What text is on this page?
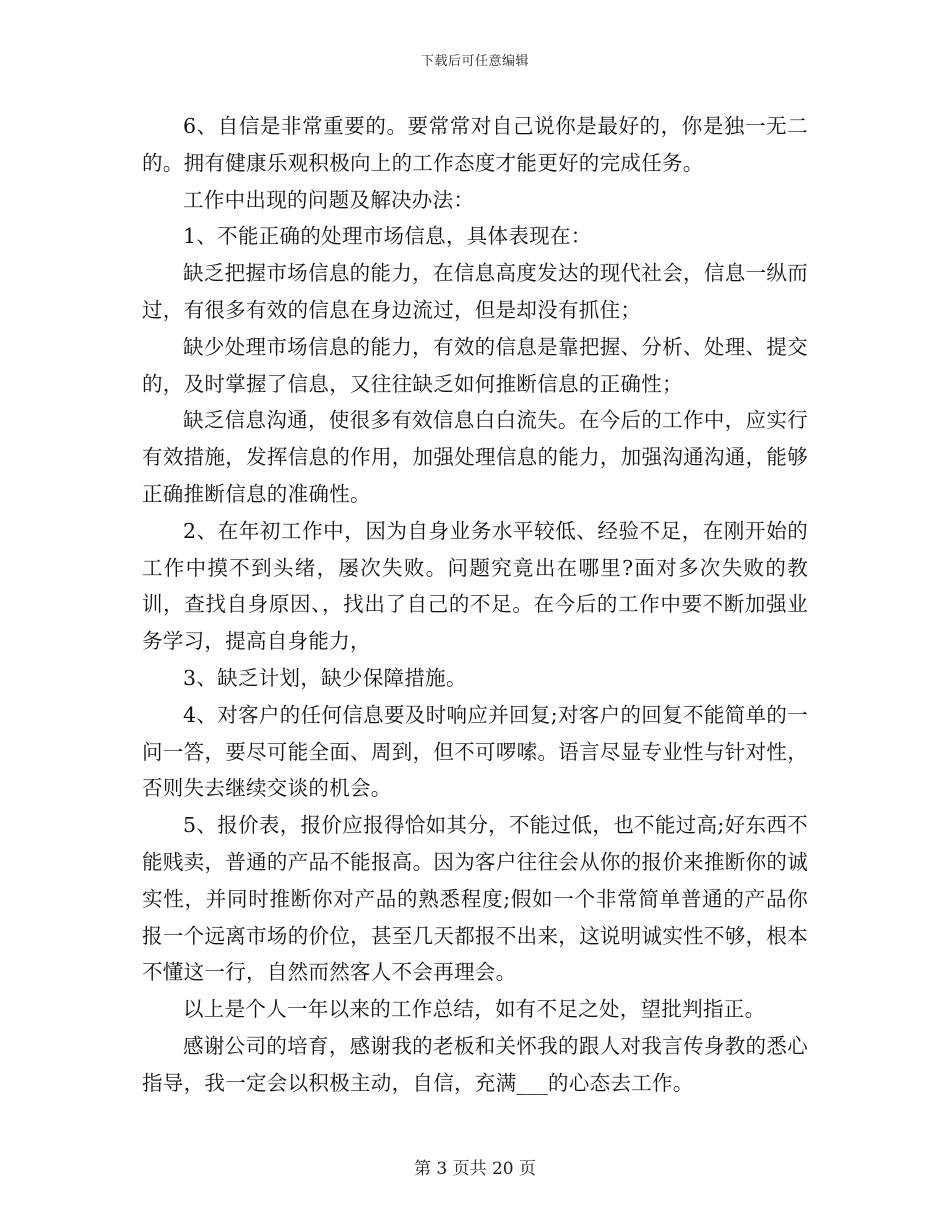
下载后可任意编辑

6、自信是非常重要的。要常常对自己说你是最好的，你是独一无二的。拥有健康乐观积极向上的工作态度才能更好的完成任务。

工作中出现的问题及解决办法：

1、不能正确的处理市场信息，具体表现在：

缺乏把握市场信息的能力，在信息高度发达的现代社会，信息一纵而过，有很多有效的信息在身边流过，但是却没有抓住；

缺少处理市场信息的能力，有效的信息是靠把握、分析、处理、提交的，及时掌握了信息，又往往缺乏如何推断信息的正确性；

缺乏信息沟通，使很多有效信息白白流失。在今后的工作中，应实行有效措施，发挥信息的作用，加强处理信息的能力，加强沟通沟通，能够正确推断信息的准确性。

2、在年初工作中，因为自身业务水平较低、经验不足，在刚开始的工作中摸不到头绪，屡次失败。问题究竟出在哪里?面对多次失败的教训，查找自身原因、，找出了自己的不足。在今后的工作中要不断加强业务学习，提高自身能力，

3、缺乏计划，缺少保障措施。

4、对客户的任何信息要及时响应并回复;对客户的回复不能简单的一问一答，要尽可能全面、周到，但不可啰嗦。语言尽显专业性与针对性，否则失去继续交谈的机会。

5、报价表，报价应报得恰如其分，不能过低，也不能过高;好东西不能贱卖，普通的产品不能报高。因为客户往往会从你的报价来推断你的诚实性，并同时推断你对产品的熟悉程度;假如一个非常简单普通的产品你报一个远离市场的价位，甚至几天都报不出来，这说明诚实性不够，根本不懂这一行，自然而然客人不会再理会。

以上是个人一年以来的工作总结，如有不足之处，望批判指正。

感谢公司的培育，感谢我的老板和关怀我的跟人对我言传身教的悉心指导，我一定会以积极主动，自信，充满___的心态去工作。

第 3 页共 20 页
